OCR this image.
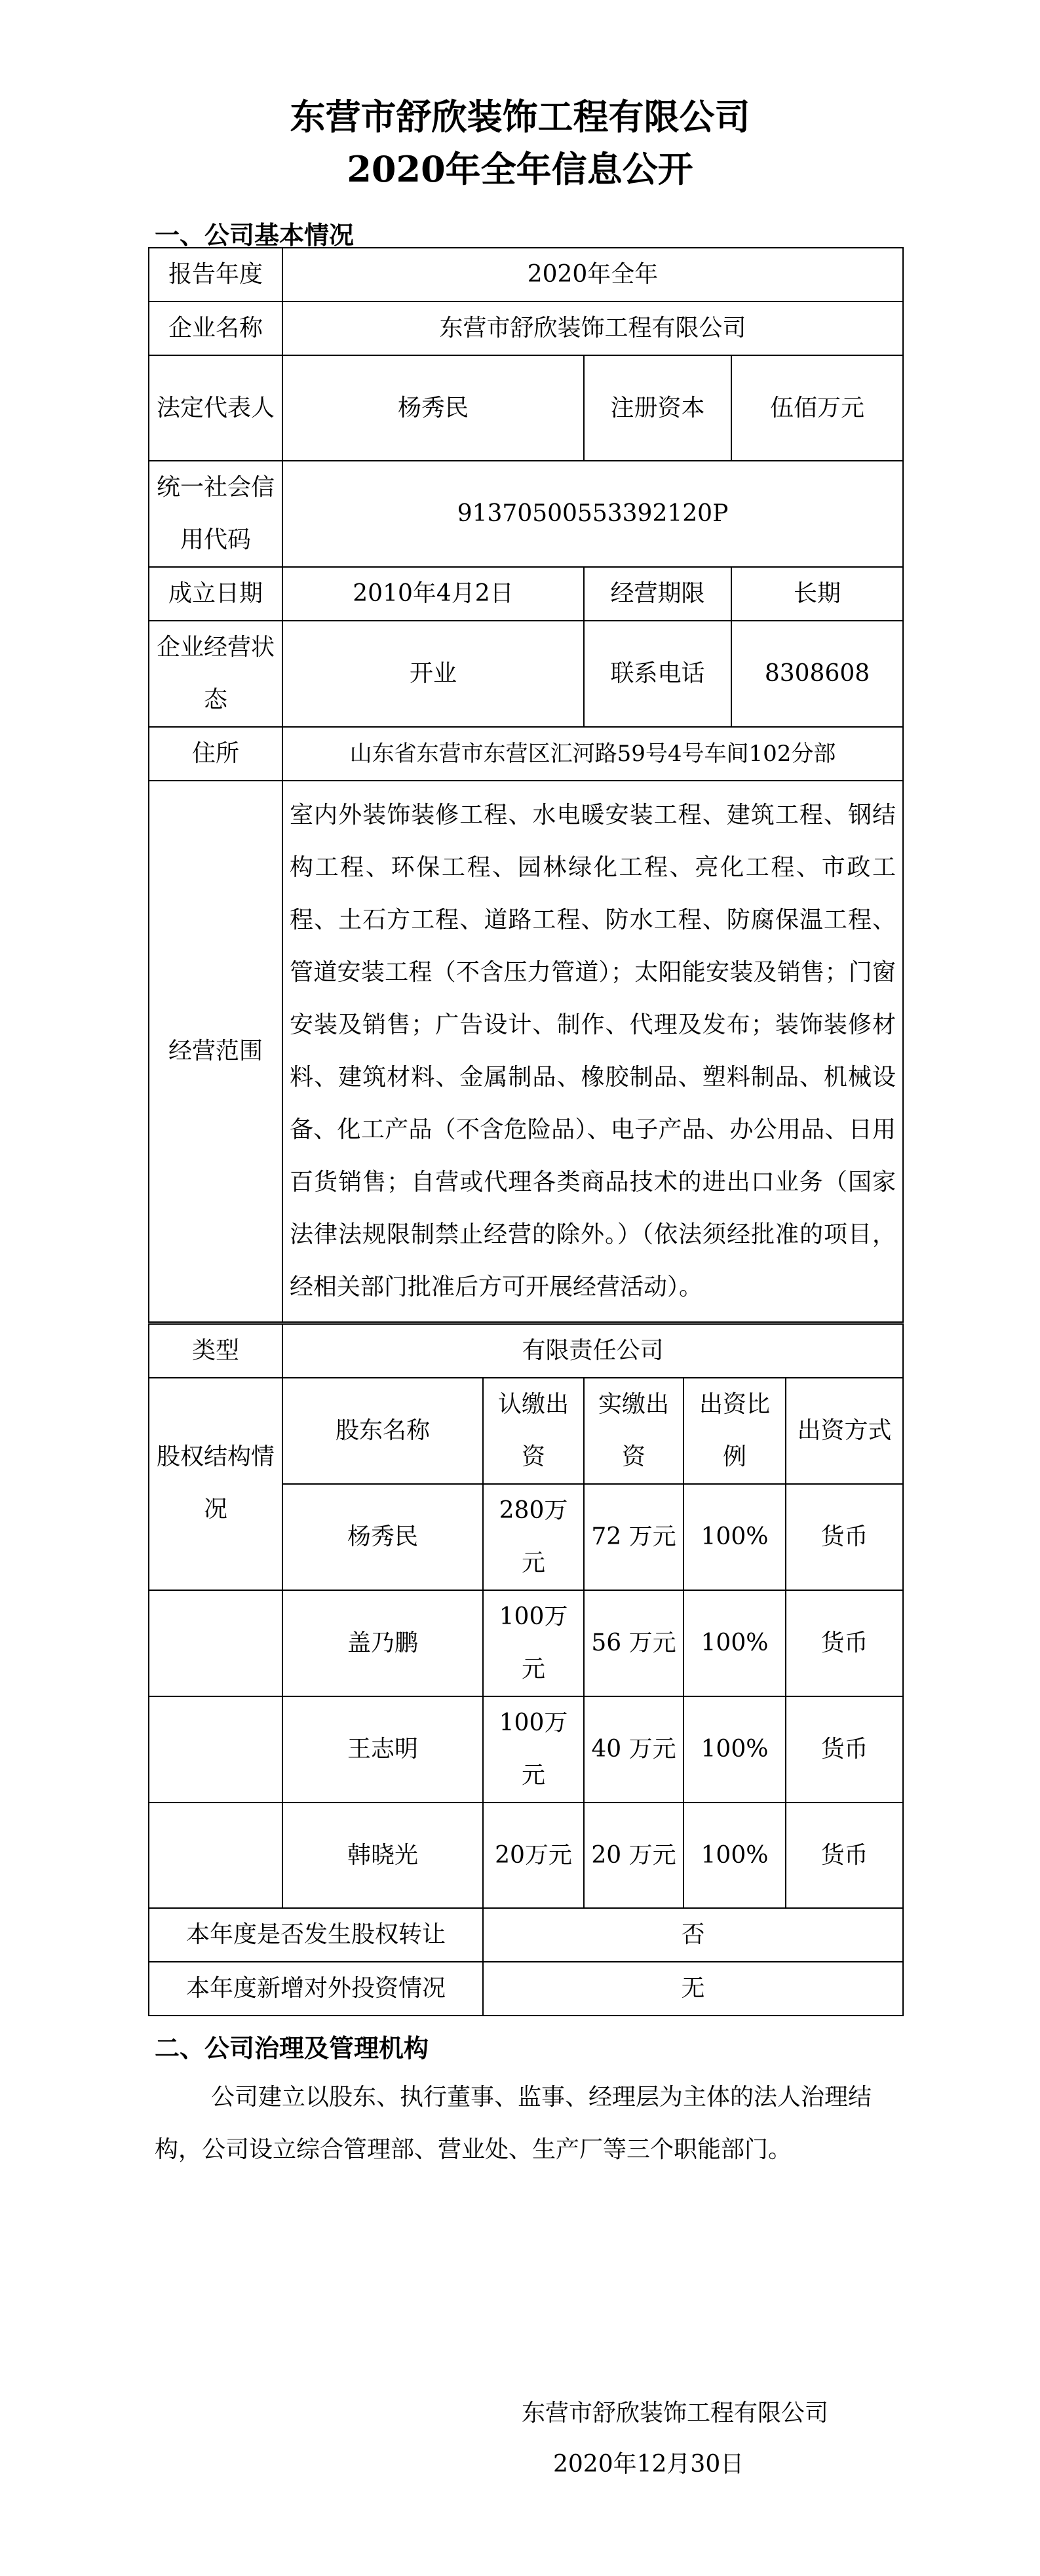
东营市舒欣装饰工程有限公司
2020年全年信息公开
一、公司基本情况
报告年度	2020年全年		
企业名称	东营市舒欣装饰工程有限公司		
法定代表人	杨秀民	注册资本	伍佰万元
统一社会信用代码	91370500553392120P		
成立日期	2010年4月2日	经营期限	长期
企业经营状态	开业	联系电话	8308608
住所	山东省东营市东营区汇河路59号4号车间102分部		
经营范围	室内外装饰装修工程、水电暖安装工程、建筑工程、钢结构工程、环保工程、园林绿化工程、亮化工程、市政工程、土石方工程、道路工程、防水工程、防腐保温工程、管道安装工程（不含压力管道）；太阳能安装及销售；门窗安装及销售；广告设计、制作、代理及发布；装饰装修材料、建筑材料、金属制品、橡胶制品、塑料制品、机械设备、化工产品（不含危险品）、电子产品、办公用品、日用百货销售；自营或代理各类商品技术的进出口业务（国家法律法规限制禁止经营的除外。）（依法须经批准的项目，经相关部门批准后方可开展经营活动）。		
类型	有限责任公司				
股权结构情况	股东名称	认缴出资	实缴出资	出资比例	出资方式
	杨秀民	280万元	72 万元	100%	货币
	盖乃鹏	100万元	56 万元	100%	货币
	王志明	100万元	40 万元	100%	货币
	韩晓光	20万元	20 万元	100%	货币
本年度是否发生股权转让		否			
本年度新增对外投资情况		无			
二、公司治理及管理机构
公司建立以股东、执行董事、监事、经理层为主体的法人治理结构，公司设立综合管理部、营业处、生产厂等三个职能部门。
东营市舒欣装饰工程有限公司
2020年12月30日
